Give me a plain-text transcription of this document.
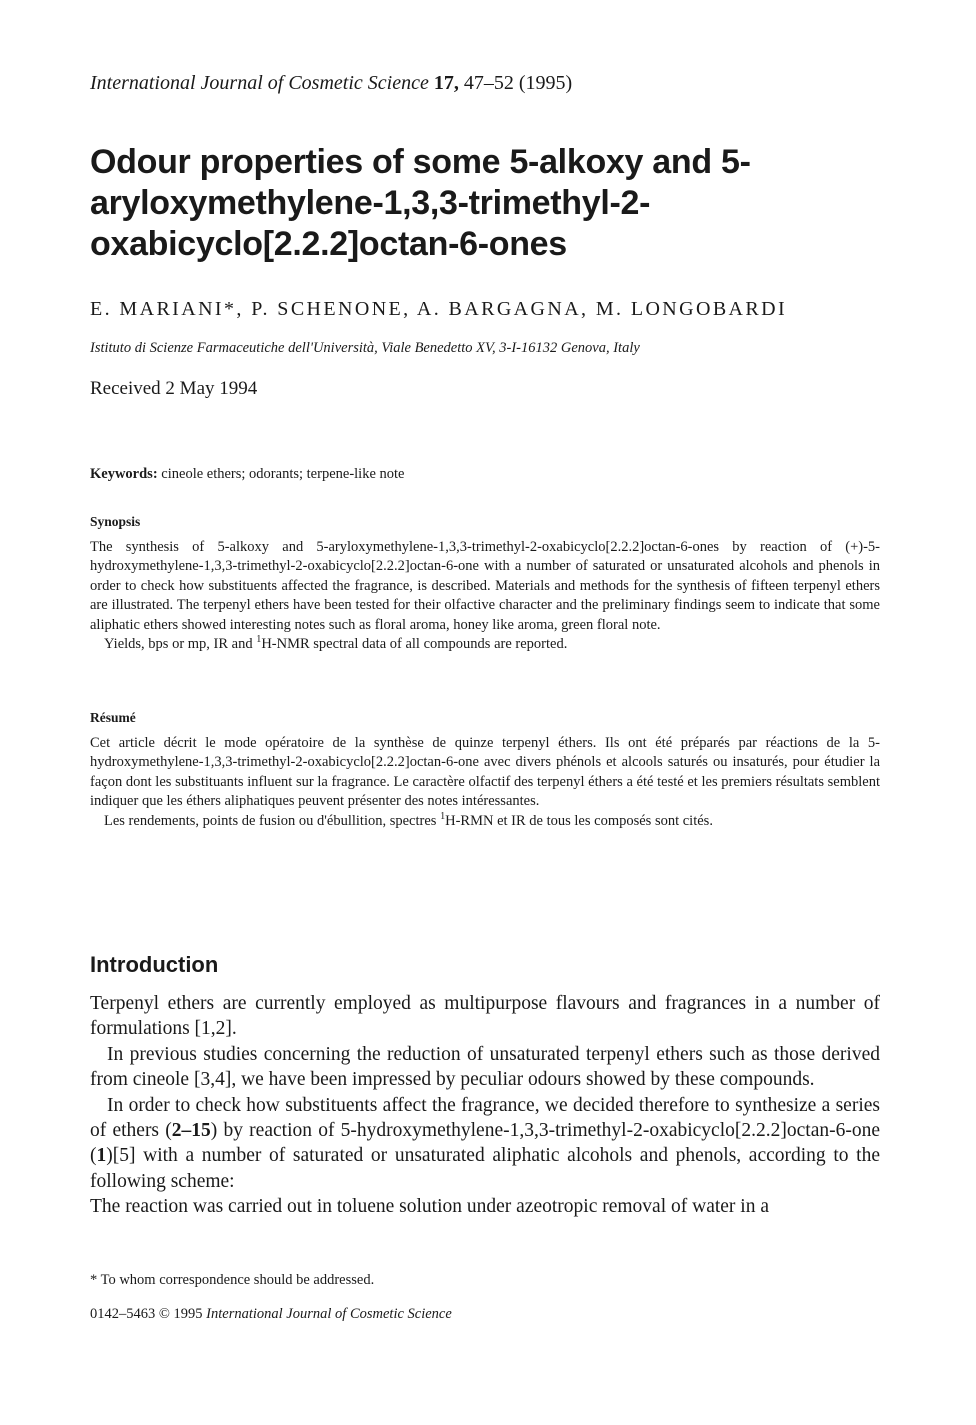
International Journal of Cosmetic Science 17, 47–52 (1995)
Odour properties of some 5-alkoxy and 5-aryloxymethylene-1,3,3-trimethyl-2-oxabicyclo[2.2.2]octan-6-ones
E. MARIANI*, P. SCHENONE, A. BARGAGNA, M. LONGOBARDI
Istituto di Scienze Farmaceutiche dell'Università, Viale Benedetto XV, 3-I-16132 Genova, Italy
Received 2 May 1994
Keywords: cineole ethers; odorants; terpene-like note
Synopsis

The synthesis of 5-alkoxy and 5-aryloxymethylene-1,3,3-trimethyl-2-oxabicyclo[2.2.2]octan-6-ones by reaction of (+)-5-hydroxymethylene-1,3,3-trimethyl-2-oxabicyclo[2.2.2]octan-6-one with a number of saturated or unsaturated alcohols and phenols in order to check how substituents affected the fragrance, is described. Materials and methods for the synthesis of fifteen terpenyl ethers are illustrated. The terpenyl ethers have been tested for their olfactive character and the preliminary findings seem to indicate that some aliphatic ethers showed interesting notes such as floral aroma, honey like aroma, green floral note.

Yields, bps or mp, IR and $^1$H-NMR spectral data of all compounds are reported.

Résumé

Cet article décrit le mode opératoire de la synthèse de quinze terpenyl éthers. Ils ont été préparés par réactions de la 5-hydroxymethylene-1,3,3-trimethyl-2-oxabicyclo[2.2.2]octan-6-one avec divers phénols et alcools saturés ou insaturés, pour étudier la façon dont les substituants influent sur la fragrance. Le caractère olfactif des terpenyl éthers a été testé et les premiers résultats semblent indiquer que les éthers aliphatiques peuvent présenter des notes intéressantes.

Les rendements, points de fusion ou d'ébullition, spectres $^1$H-RMN et IR de tous les composés sont cités.

Introduction

Terpenyl ethers are currently employed as multipurpose flavours and fragrances in a number of formulations [1,2].

In previous studies concerning the reduction of unsaturated terpenyl ethers such as those derived from cineole [3,4], we have been impressed by peculiar odours showed by these compounds.

In order to check how substituents affect the fragrance, we decided therefore to synthesize a series of ethers (2–15) by reaction of 5-hydroxymethylene-1,3,3-trimethyl-2-oxabicyclo[2.2.2]octan-6-one (1)[5] with a number of saturated or unsaturated aliphatic alcohols and phenols, according to the following scheme:

The reaction was carried out in toluene solution under azeotropic removal of water in a

* To whom correspondence should be addressed.
0142–5463 © 1995 International Journal of Cosmetic Science
